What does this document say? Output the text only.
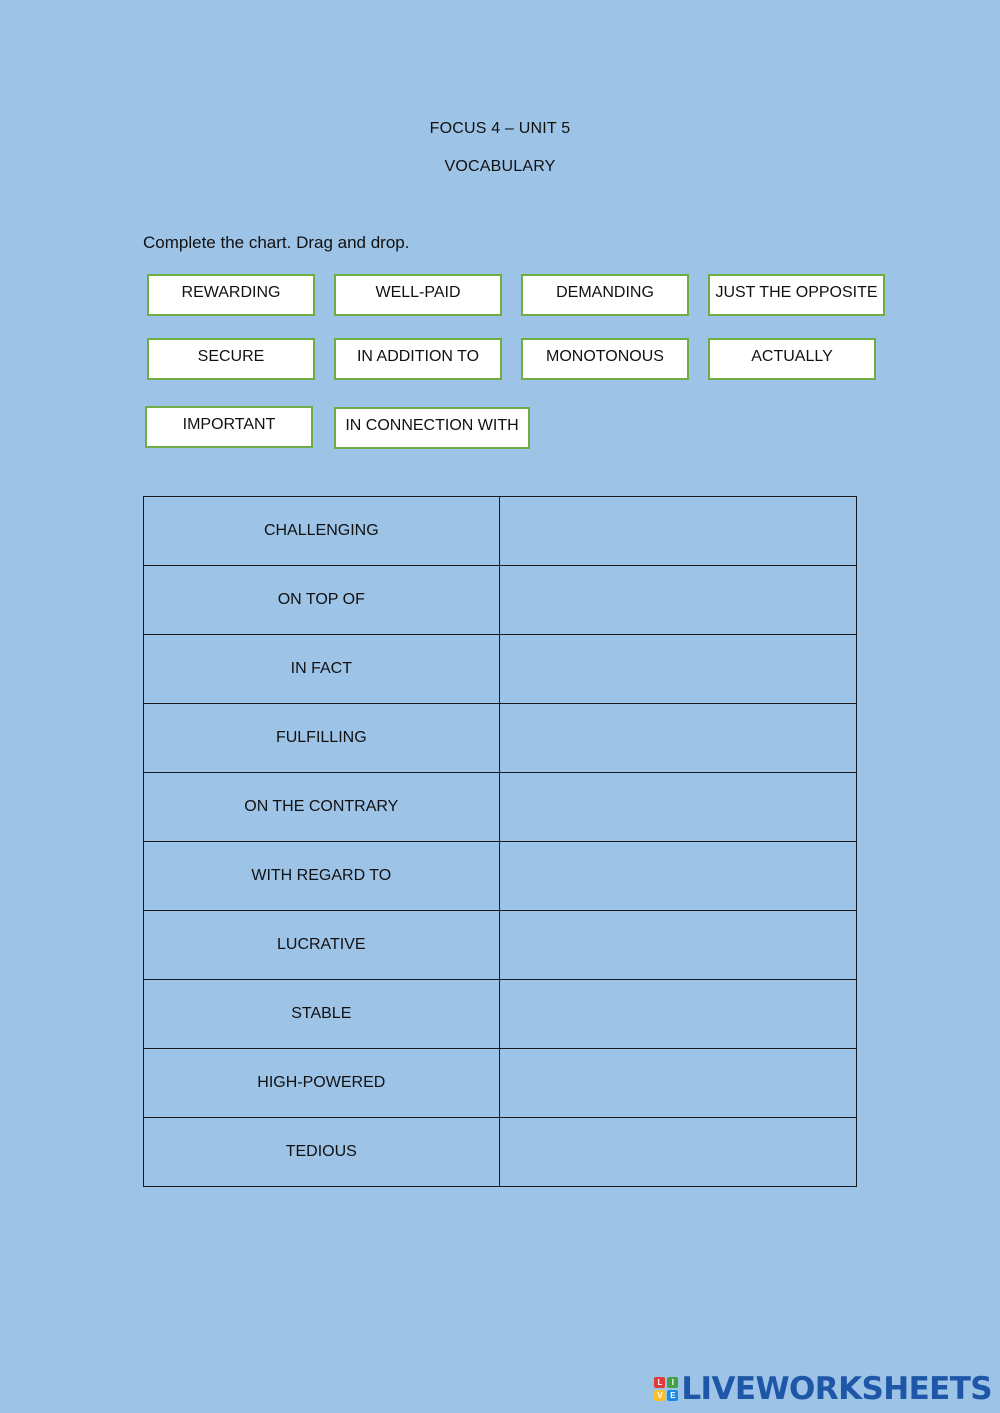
FOCUS 4 – UNIT 5
VOCABULARY
Complete the chart. Drag and drop.
REWARDING	WELL-PAID	DEMANDING	JUST THE OPPOSITE
SECURE	IN ADDITION TO	MONOTONOUS	ACTUALLY
IMPORTANT	IN CONNECTION WITH
CHALLENGING	
ON TOP OF	
IN FACT	
FULFILLING	
ON THE CONTRARY	
WITH REGARD TO	
LUCRATIVE	
STABLE	
HIGH-POWERED	
TEDIOUS	
L	I
V E LIVEWORKSHEETS
